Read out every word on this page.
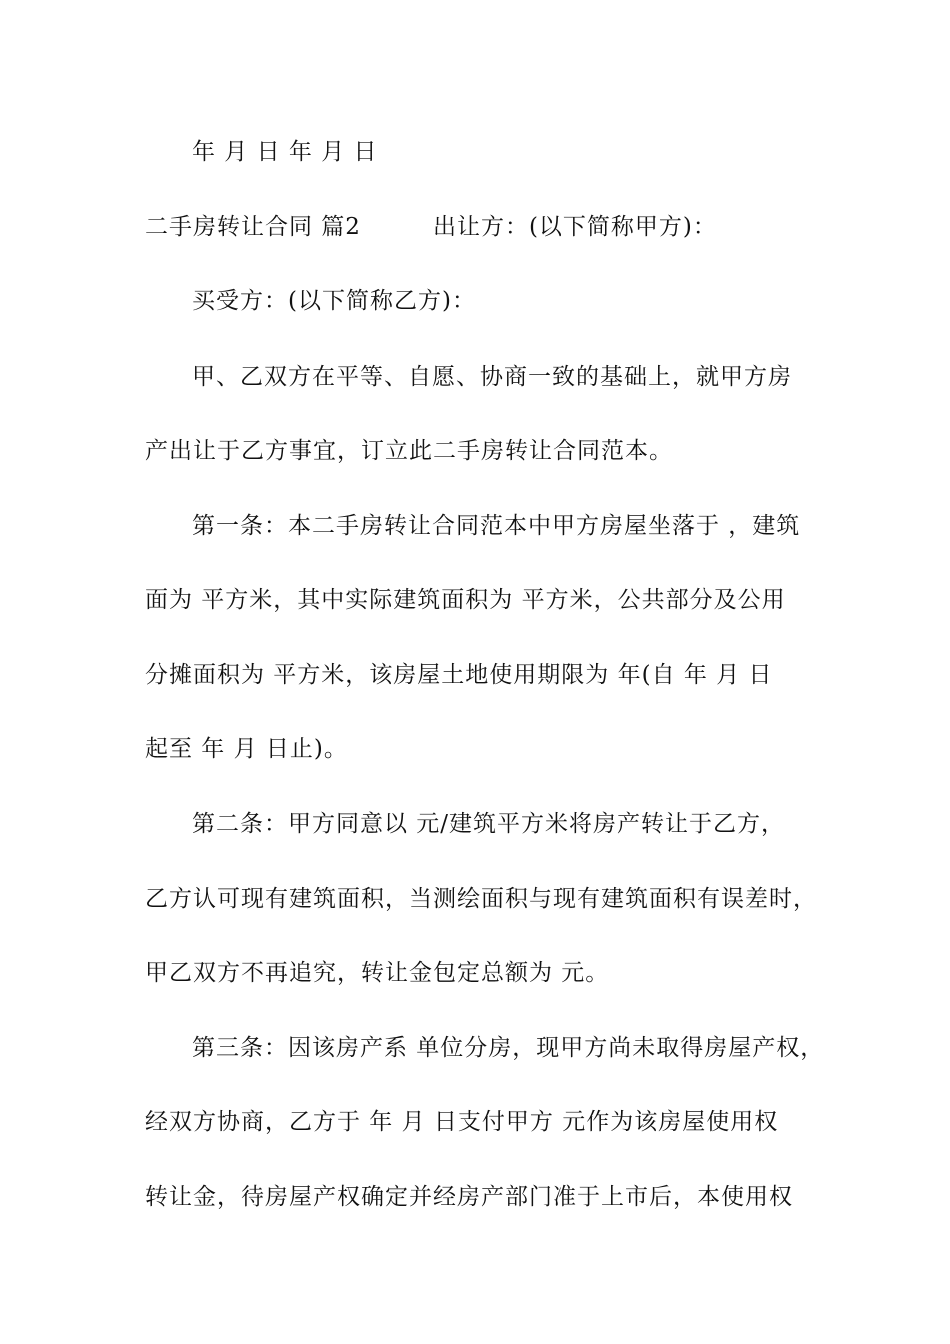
年 月 日 年 月 日
二手房转让合同 篇2　　　出让方：(以下简称甲方)：
买受方：(以下简称乙方)：
甲、乙双方在平等、自愿、协商一致的基础上，就甲方房
产出让于乙方事宜，订立此二手房转让合同范本。
第一条：本二手房转让合同范本中甲方房屋坐落于 ，建筑
面为 平方米，其中实际建筑面积为 平方米，公共部分及公用
分摊面积为 平方米，该房屋土地使用期限为 年(自 年 月 日
起至 年 月 日止)。
第二条：甲方同意以 元/建筑平方米将房产转让于乙方，
乙方认可现有建筑面积，当测绘面积与现有建筑面积有误差时，
甲乙双方不再追究，转让金包定总额为 元。
第三条：因该房产系 单位分房，现甲方尚未取得房屋产权，
经双方协商，乙方于 年 月 日支付甲方 元作为该房屋使用权
转让金，待房屋产权确定并经房产部门准于上市后，本使用权
